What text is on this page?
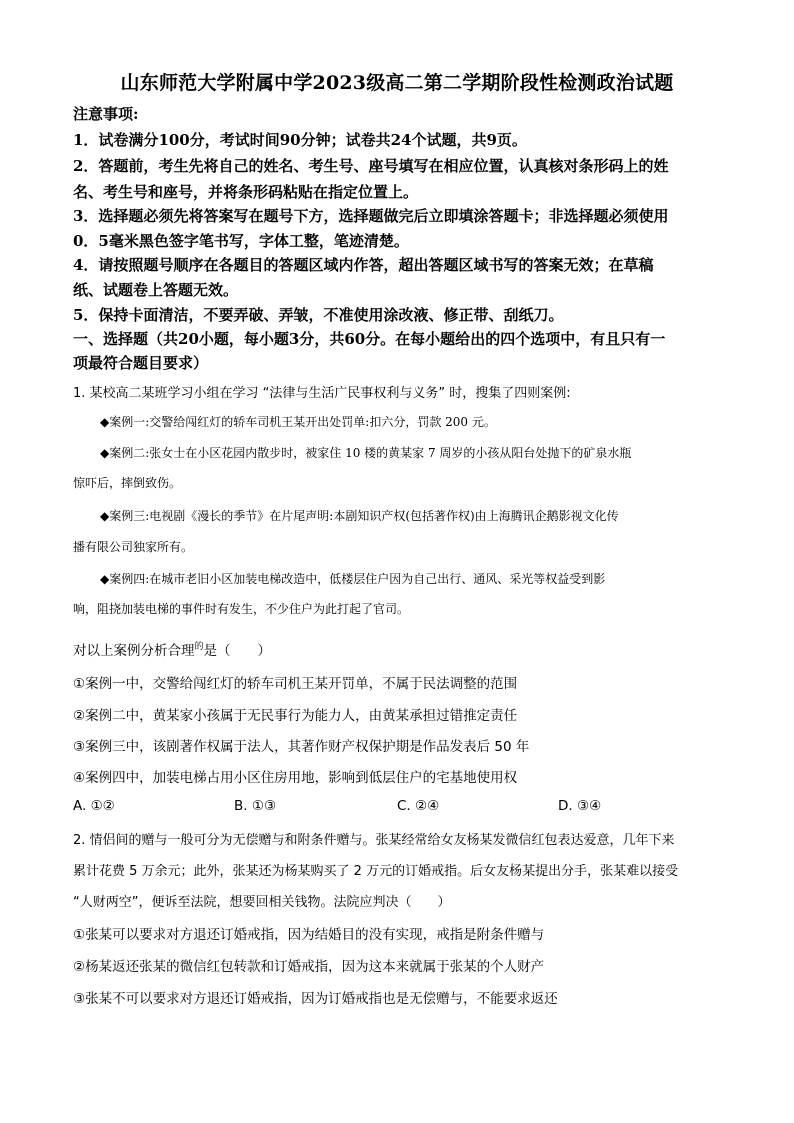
山东师范大学附属中学2023级高二第二学期阶段性检测政治试题
注意事项:
1．试卷满分100分，考试时间90分钟；试卷共24个试题，共9页。
2．答题前，考生先将自己的姓名、考生号、座号填写在相应位置，认真核对条形码上的姓
名、考生号和座号，并将条形码粘贴在指定位置上。
3．选择题必须先将答案写在题号下方，选择题做完后立即填涂答题卡；非选择题必须使用
0．5毫米黑色签字笔书写，字体工整，笔迹清楚。
4．请按照题号顺序在各题目的答题区域内作答，超出答题区域书写的答案无效；在草稿
纸、试题卷上答题无效。
5．保持卡面清洁，不要弄破、弄皱，不准使用涂改液、修正带、刮纸刀。
一、选择题（共20小题，每小题3分，共60分。在每小题给出的四个选项中，有且只有一
项最符合题目要求）
1. 某校高二某班学习小组在学习 “法律与生活广民事权利与义务” 时，搜集了四则案例:
◆案例一:交警给闯红灯的轿车司机王某开出处罚单:扣六分，罚款 200 元。
◆案例二:张女士在小区花园内散步时，被家住 10 楼的黄某家 7 周岁的小孩从阳台处抛下的矿泉水瓶
惊吓后，摔倒致伤。
◆案例三:电视剧《漫长的季节》在片尾声明:本剧知识产权(包括著作权)由上海腾讯企鹅影视文化传
播有限公司独家所有。
◆案例四:在城市老旧小区加装电梯改造中，低楼层住户因为自己出行、通风、采光等权益受到影
响，阻挠加装电梯的事件时有发生，不少住户为此打起了官司。
对以上案例分析合理$^的$是（　　）
①案例一中，交警给闯红灯的轿车司机王某开罚单，不属于民法调整的范围
②案例二中，黄某家小孩属于无民事行为能力人，由黄某承担过错推定责任
③案例三中，该剧著作权属于法人，其著作财产权保护期是作品发表后 50 年
④案例四中，加装电梯占用小区住房用地，影响到低层住户的宅基地使用权
A. ①②	B. ①③	C. ②④	D. ③④
2. 情侣间的赠与一般可分为无偿赠与和附条件赠与。张某经常给女友杨某发微信红包表达爱意，几年下来
累计花费 5 万余元；此外，张某还为杨某购买了 2 万元的订婚戒指。后女友杨某提出分手，张某难以接受
“人财两空”，便诉至法院，想要回相关钱物。法院应判决（　　）
①张某可以要求对方退还订婚戒指，因为结婚目的没有实现，戒指是附条件赠与
②杨某返还张某的微信红包转款和订婚戒指，因为这本来就属于张某的个人财产
③张某不可以要求对方退还订婚戒指，因为订婚戒指也是无偿赠与，不能要求返还
